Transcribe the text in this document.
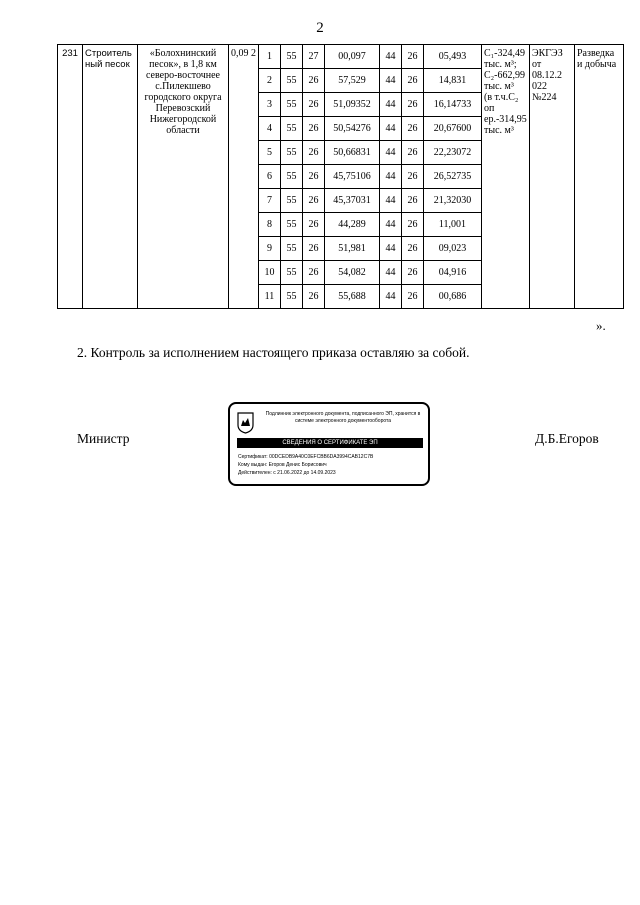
2
231	Строитель ный песок	«Болохнинский песок», в 1,8 км северо-восточнее с.Пилекшево городского округа Перевозский Нижегородской области	0,09 2	1	55	27	00,097	44	26	05,493	С₁-324,49 тыс. м³;
С₂-662,99 тыс. м³
(в т.ч.С₂ оп ер.-314,95 тыс. м³	ЭКГЭЗ от 08.12.2 022 №224	Разведка и добыча
				2	55	26	57,529	44	26	14,831			
				3	55	26	51,09352	44	26	16,14733			
				4	55	26	50,54276	44	26	20,67600			
				5	55	26	50,66831	44	26	22,23072			
				6	55	26	45,75106	44	26	26,52735			
				7	55	26	45,37031	44	26	21,32030			
				8	55	26	44,289	44	26	11,001			
				9	55	26	51,981	44	26	09,023			
				10	55	26	54,082	44	26	04,916			
				11	55	26	55,688	44	26	00,686			
».
2. Контроль за исполнением настоящего приказа оставляю за собой.
Министр	Д.Б.Егоров
Подлинник электронного документа, подписанного ЭП, хранится в системе электронного документооборота
СВЕДЕНИЯ О СЕРТИФИКАТЕ ЭП
Сертификат: 00DCEDB9A40C0EFCBB6DA3994CAB12C7B
Кому выдан: Егоров Денис Борисович
Действителен: с 21.06.2022 до 14.09.2023
